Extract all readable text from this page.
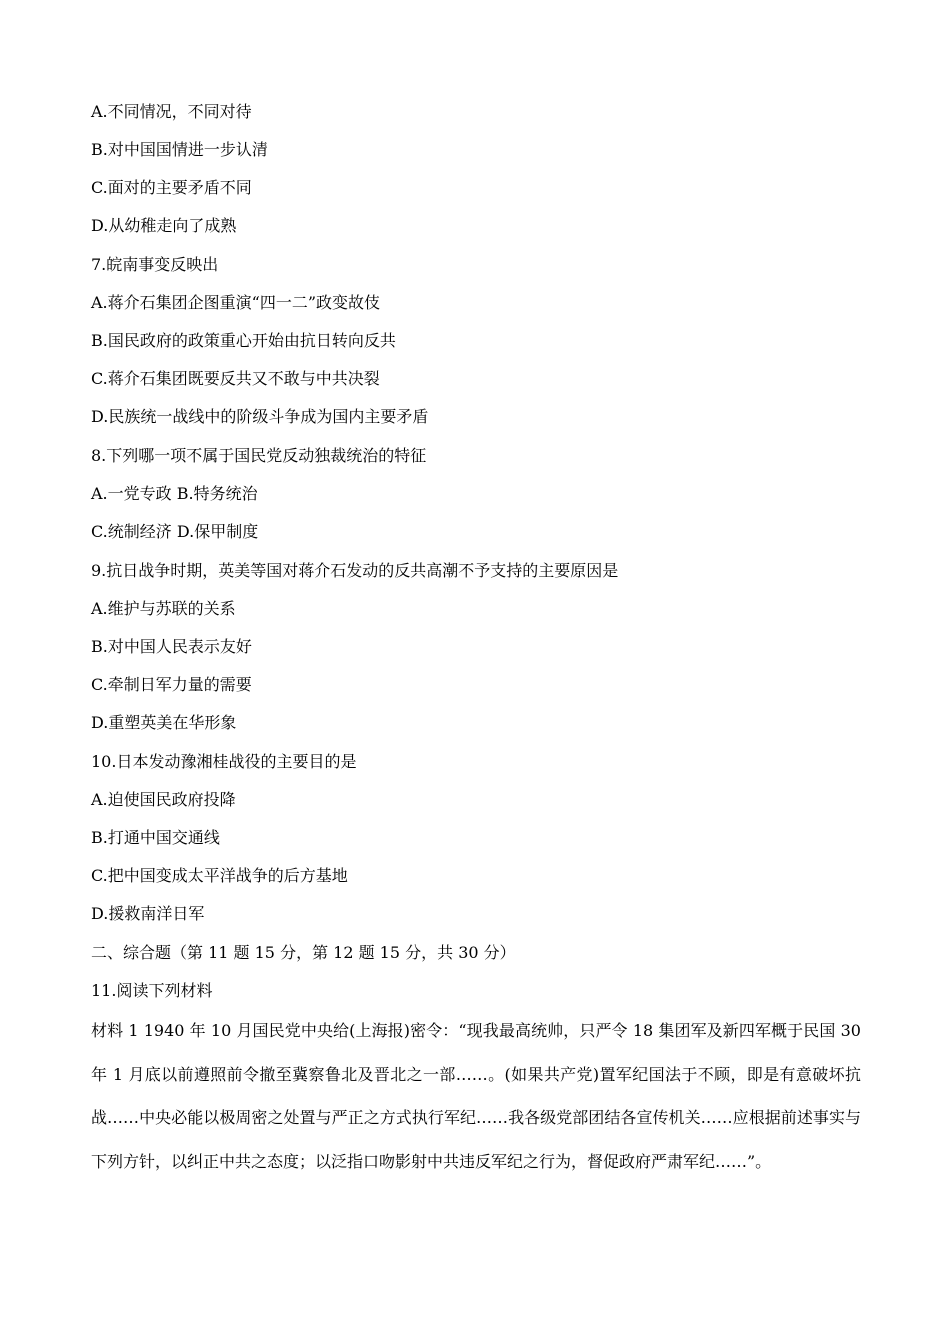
A.不同情况，不同对待
B.对中国国情进一步认清
C.面对的主要矛盾不同
D.从幼稚走向了成熟
7.皖南事变反映出
A.蒋介石集团企图重演“四一二”政变故伎
B.国民政府的政策重心开始由抗日转向反共
C.蒋介石集团既要反共又不敢与中共决裂
D.民族统一战线中的阶级斗争成为国内主要矛盾
8.下列哪一项不属于国民党反动独裁统治的特征
A.一党专政 B.特务统治
C.统制经济 D.保甲制度
9.抗日战争时期，英美等国对蒋介石发动的反共高潮不予支持的主要原因是
A.维护与苏联的关系
B.对中国人民表示友好
C.牵制日军力量的需要
D.重塑英美在华形象
10.日本发动豫湘桂战役的主要目的是
A.迫使国民政府投降
B.打通中国交通线
C.把中国变成太平洋战争的后方基地
D.援救南洋日军
二、综合题（第 11 题 15 分，第 12 题 15 分，共 30 分）
11.阅读下列材料
材料 1 1940 年 10 月国民党中央给(上海报)密令：“现我最高统帅，只严令 18 集团军及新四军概于民国 30 年 1 月底以前遵照前令撤至冀察鲁北及晋北之一部……。(如果共产党)置军纪国法于不顾，即是有意破坏抗战……中央必能以极周密之处置与严正之方式执行军纪……我各级党部团结各宣传机关……应根据前述事实与下列方针，以纠正中共之态度；以泛指口吻影射中共违反军纪之行为，督促政府严肃军纪……”。
